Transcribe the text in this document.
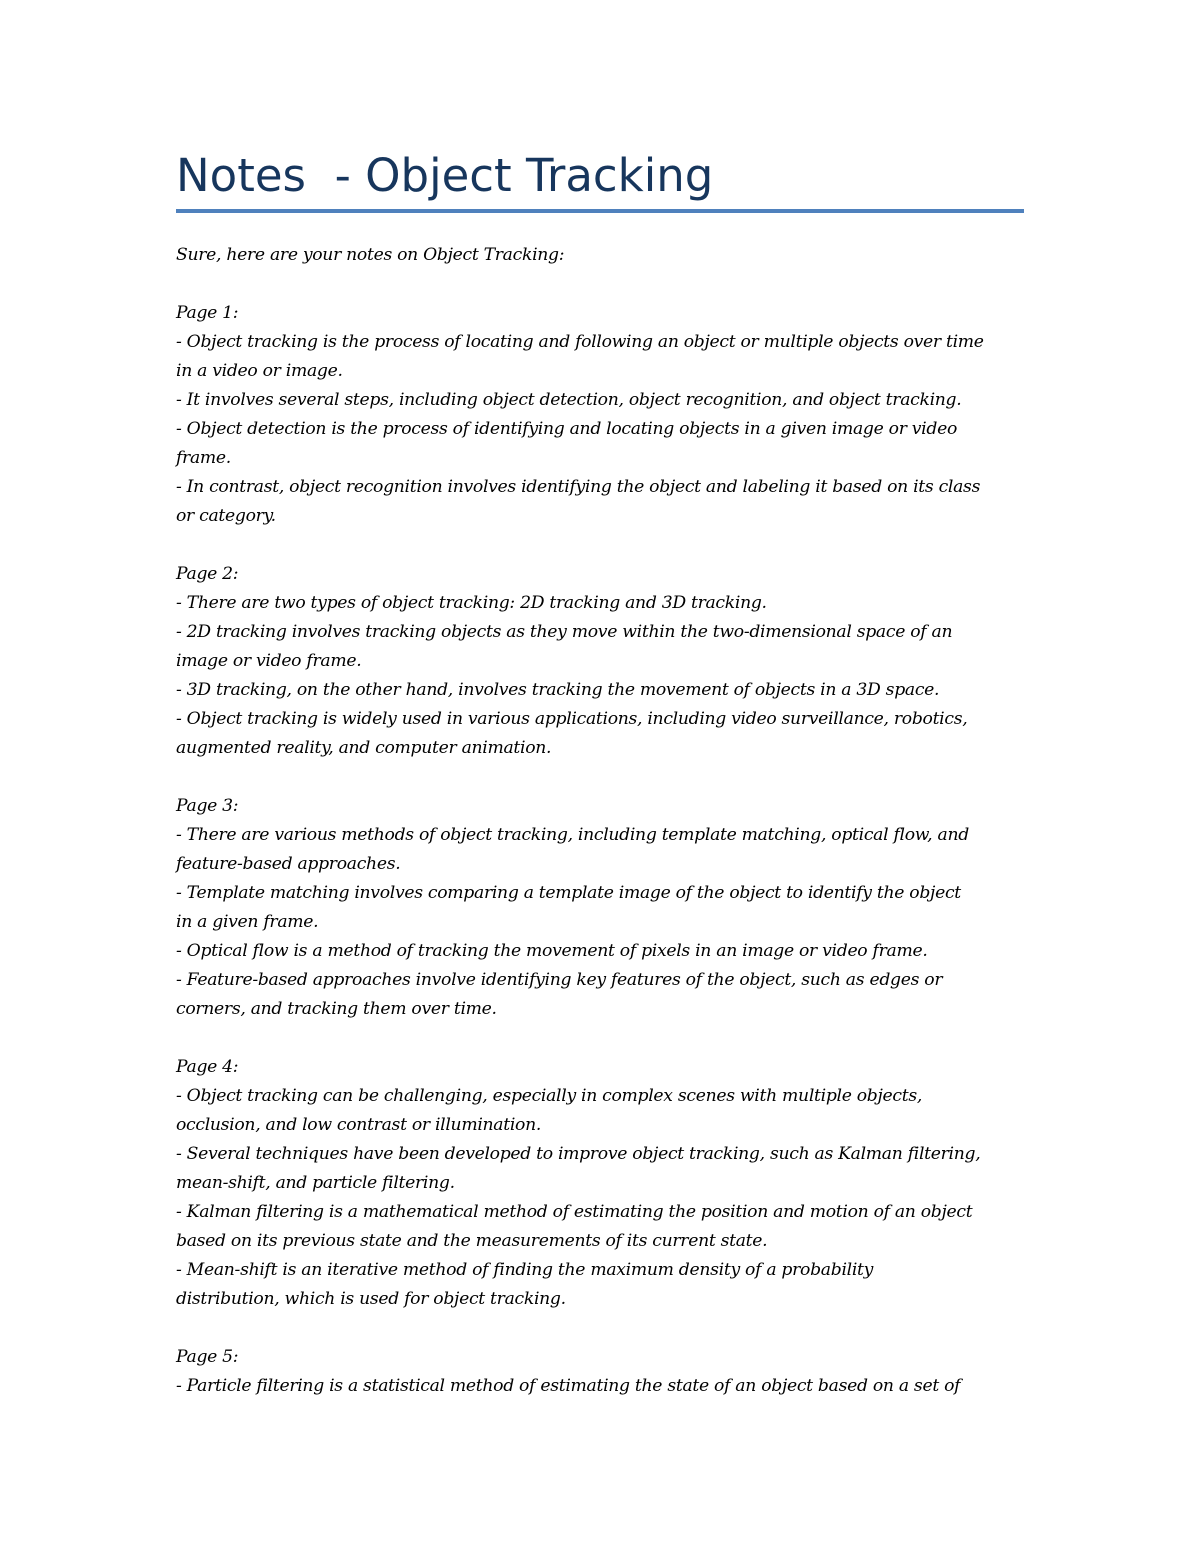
Notes  - Object Tracking
Sure, here are your notes on Object Tracking:
Page 1:
- Object tracking is the process of locating and following an object or multiple objects over time
in a video or image.
- It involves several steps, including object detection, object recognition, and object tracking.
- Object detection is the process of identifying and locating objects in a given image or video
frame.
- In contrast, object recognition involves identifying the object and labeling it based on its class
or category.
Page 2:
- There are two types of object tracking: 2D tracking and 3D tracking.
- 2D tracking involves tracking objects as they move within the two-dimensional space of an
image or video frame.
- 3D tracking, on the other hand, involves tracking the movement of objects in a 3D space.
- Object tracking is widely used in various applications, including video surveillance, robotics,
augmented reality, and computer animation.
Page 3:
- There are various methods of object tracking, including template matching, optical flow, and
feature-based approaches.
- Template matching involves comparing a template image of the object to identify the object
in a given frame.
- Optical flow is a method of tracking the movement of pixels in an image or video frame.
- Feature-based approaches involve identifying key features of the object, such as edges or
corners, and tracking them over time.
Page 4:
- Object tracking can be challenging, especially in complex scenes with multiple objects,
occlusion, and low contrast or illumination.
- Several techniques have been developed to improve object tracking, such as Kalman filtering,
mean-shift, and particle filtering.
- Kalman filtering is a mathematical method of estimating the position and motion of an object
based on its previous state and the measurements of its current state.
- Mean-shift is an iterative method of finding the maximum density of a probability
distribution, which is used for object tracking.
Page 5:
- Particle filtering is a statistical method of estimating the state of an object based on a set of
